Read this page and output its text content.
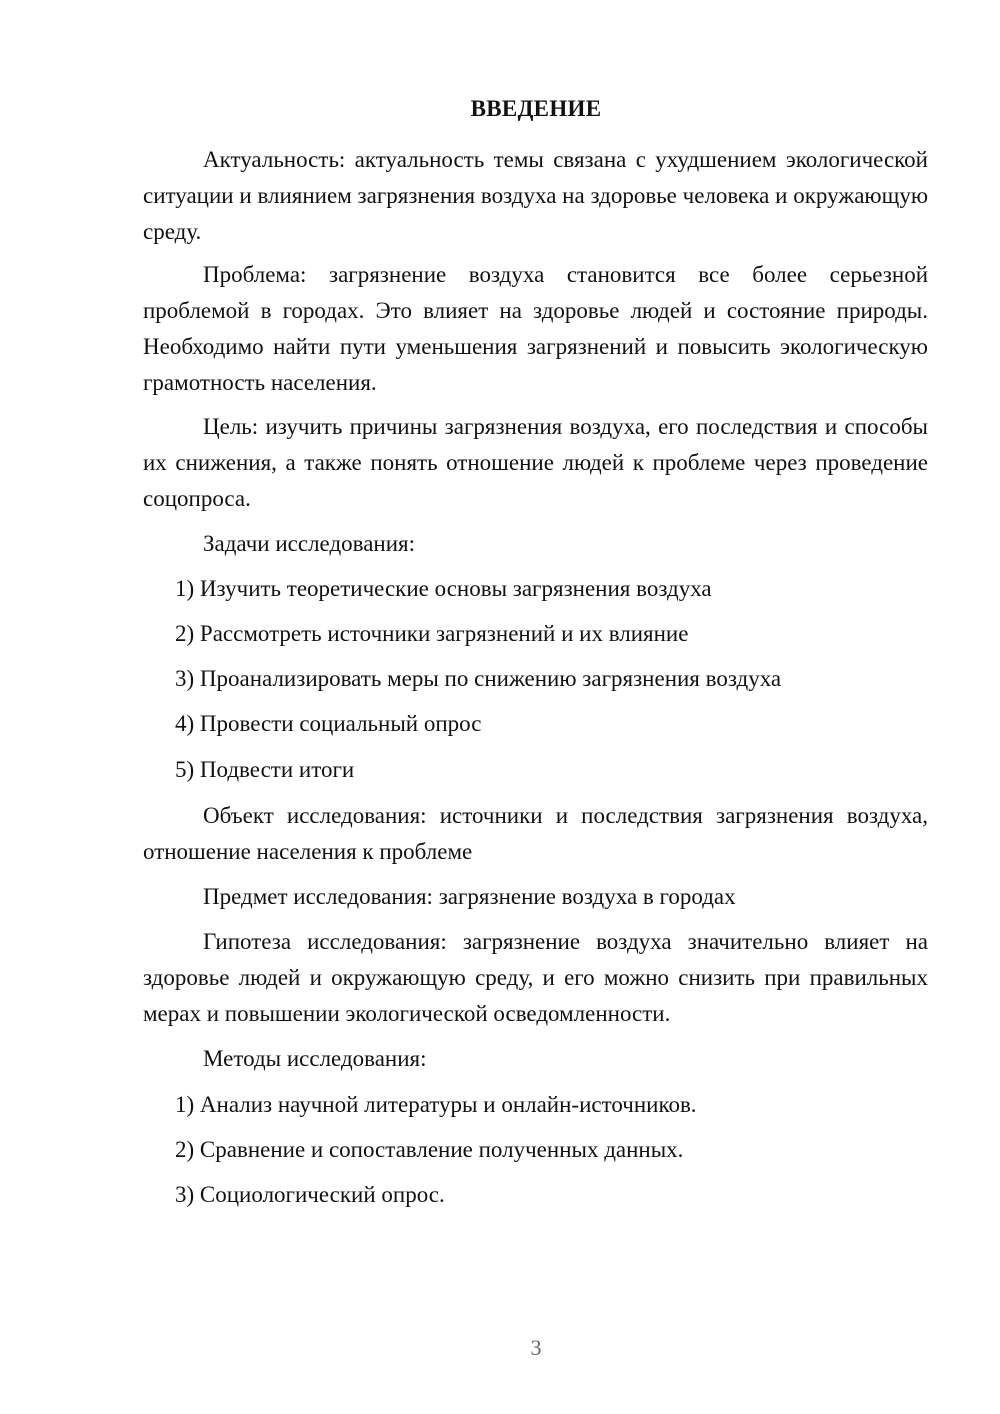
ВВЕДЕНИЕ
Актуальность: актуальность темы связана с ухудшением экологической ситуации и влиянием загрязнения воздуха на здоровье человека и окружающую среду.
Проблема: загрязнение воздуха становится все более серьезной проблемой в городах. Это влияет на здоровье людей и состояние природы. Необходимо найти пути уменьшения загрязнений и повысить экологическую грамотность населения.
Цель: изучить причины загрязнения воздуха, его последствия и способы их снижения, а также понять отношение людей к проблеме через проведение соцопроса.
Задачи исследования:
1) Изучить теоретические основы загрязнения воздуха
2) Рассмотреть источники загрязнений и их влияние
3) Проанализировать меры по снижению загрязнения воздуха
4) Провести социальный опрос
5) Подвести итоги
Объект исследования: источники и последствия загрязнения воздуха, отношение населения к проблеме
Предмет исследования: загрязнение воздуха в городах
Гипотеза исследования: загрязнение воздуха значительно влияет на здоровье людей и окружающую среду, и его можно снизить при правильных мерах и повышении экологической осведомленности.
Методы исследования:
1) Анализ научной литературы и онлайн-источников.
2) Сравнение и сопоставление полученных данных.
3) Социологический опрос.
3
